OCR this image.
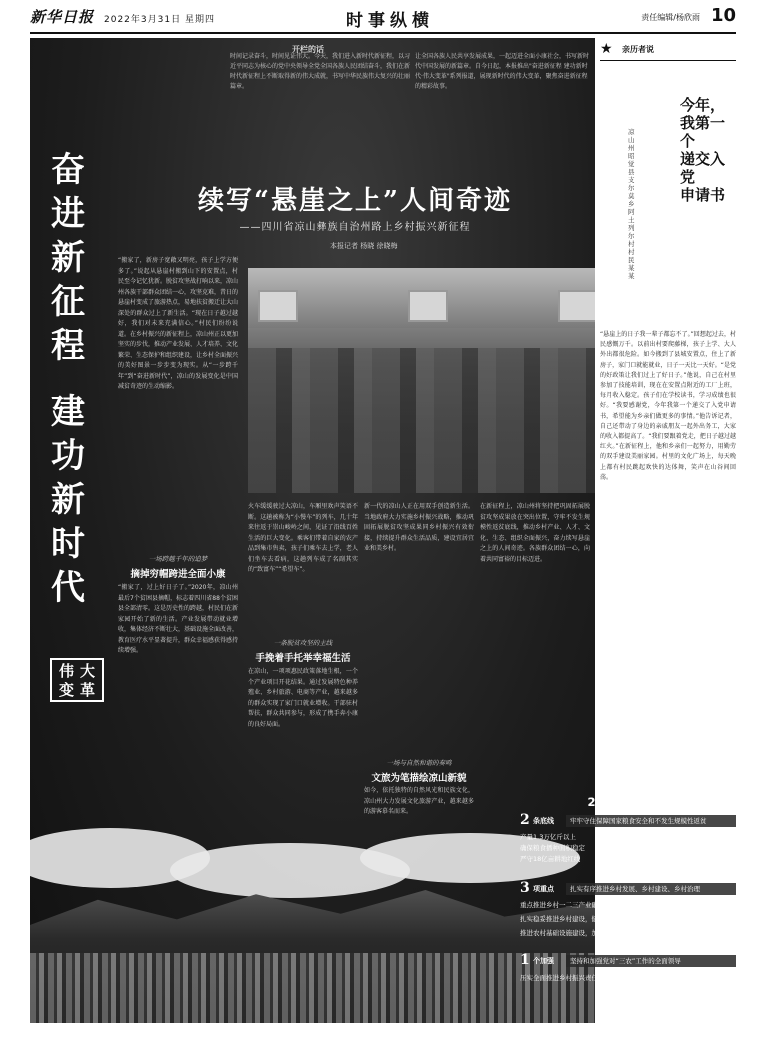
新华日报 2022年3月31日 星期四	时事纵横	责任编辑/杨欣雨 10
开栏的话
时间记录奋斗，时间见证伟大。今天，我们进入新时代新征程，以习近平同志为核心的党中央领导全党全国各族人民团结奋斗，我们在新时代新征程上不断取得新的伟大成就，书写中华民族伟大复兴的壮丽篇章。
让全国各族人民共享发展成果，一起迈进全面小康社会，书写新时代中国发展的新篇章。自今日起，本报推出"奋进新征程 建功新时代·伟大变革"系列报道，展现新时代的伟大变革，聚焦奋进新征程的精彩故事。
奋
进
新
征
程
建
功
新
时
代
伟 大
变 革
续写“悬崖之上”人间奇迹
——四川省凉山彝族自治州路上乡村振兴新征程
本报记者 杨晓 徐晓梅
“搬家了，新房子宽敞又明亮，孩子上学方便多了。”说起从悬崖村搬到山下的安置点，村民至今记忆犹新。脱贫攻坚战打响以来，凉山州各族干部群众团结一心，攻坚克难，昔日的悬崖村变成了旅游热点，易地扶贫搬迁让大山深处的群众过上了新生活。“现在日子越过越好，我们对未来充满信心。”村民们纷纷说道。在乡村振兴的新征程上，凉山州正以更加坚实的步伐，推动产业发展、人才培养、文化繁荣、生态保护和组织建设，让乡村全面振兴的美好图景一步步变为现实。从“一步跨千年”到“奋进新时代”，凉山的发展变化是中国减贫奇迹的生动缩影。
一场跨越千年的追梦
摘掉穷帽跨进全面小康
“搬家了，过上好日子了。”2020年，凉山州最后7个贫困县摘帽，标志着四川省88个贫困县全部清零。这是历史性的跨越，村民们在新家园开始了新的生活。产业发展带动就业增收，集体经济不断壮大，基础设施全面改善，教育医疗水平显著提升，群众幸福感获得感持续增强。
火车缓缓驶过大凉山，车厢里欢声笑语不断。这趟被称为“小慢车”的列车，几十年来往返于崇山峻岭之间，见证了沿线百姓生活的巨大变化。乘客们带着自家的农产品到集市售卖，孩子们乘车去上学，老人们坐车去看病，这趟列车成了名副其实的“致富车”“希望车”。
一条脱贫攻坚的主线
手挽着手托举幸福生活
在凉山，一项项惠民政策落地生根，一个个产业项目开花结果。通过发展特色种养殖业、乡村旅游、电商等产业，越来越多的群众实现了家门口就业增收。干部驻村帮扶，群众共同参与，形成了携手奔小康的良好局面。
新一代的凉山人正在用双手创造新生活。当地政府大力实施乡村振兴战略，推动巩固拓展脱贫攻坚成果同乡村振兴有效衔接，持续提升群众生活品质，建设宜居宜业和美乡村。
一场与自然和谐的奏鸣
文旅为笔描绘凉山新貌
如今，依托独特的自然风光和民族文化，凉山州大力发展文化旅游产业，越来越多的游客慕名而来。
在新征程上，凉山州将坚持把巩固拓展脱贫攻坚成果放在突出位置，守牢不发生规模性返贫底线，推动乡村产业、人才、文化、生态、组织全面振兴，奋力续写悬崖之上的人间奇迹。各族群众团结一心，向着共同富裕的目标迈进。
2022年乡村振兴重点工作
2 条底线	牢牢守住保障国家粮食安全和不发生规模性返贫
产量1.3万亿斤以上
确保粮食播种面积稳定
严守18亿亩耕地红线
完善落实监测帮扶机制
推动脱贫地区帮扶政策落实
巩固拓展脱贫攻坚成果
3 项重点	扎实有序推进乡村发展、乡村建设、乡村治理
重点推进乡村一二三产业融合发展，促进农民就业增收
扎实稳妥推进乡村建设，健全党组织领导的乡村治理体系
推进农村基础设施建设，加强农村精神文明建设
1 个加强	坚持和加强党对“三农”工作的全面领导
压实全面推进乡村振兴责任，加强党的农村基层组织建设
★ 亲历者说
今年，
我第一个
递交入党
申请书
凉山州昭觉县支尔莫乡阿土列尔村村民 某某
“悬崖上的日子我一辈子都忘不了。”回想起过去，村民感慨万千。以前出村要爬藤梯，孩子上学、大人外出都很危险。如今搬到了县城安置点，住上了新房子，家门口就能就业，日子一天比一天好。“是党的好政策让我们过上了好日子。”他说，自己在村里参加了技能培训，现在在安置点附近的工厂上班，每月收入稳定。孩子们在学校读书，学习成绩也很好。“我要感谢党，今年我第一个递交了入党申请书，希望能为乡亲们做更多的事情。”他告诉记者，自己还带动了身边的亲戚朋友一起外出务工，大家的收入都提高了。“我们要跟着党走，把日子越过越红火。”在新征程上，他和乡亲们一起努力，用勤劳的双手建设美丽家园。村里的文化广场上，每天晚上都有村民跳起欢快的达体舞，笑声在山谷间回荡。
